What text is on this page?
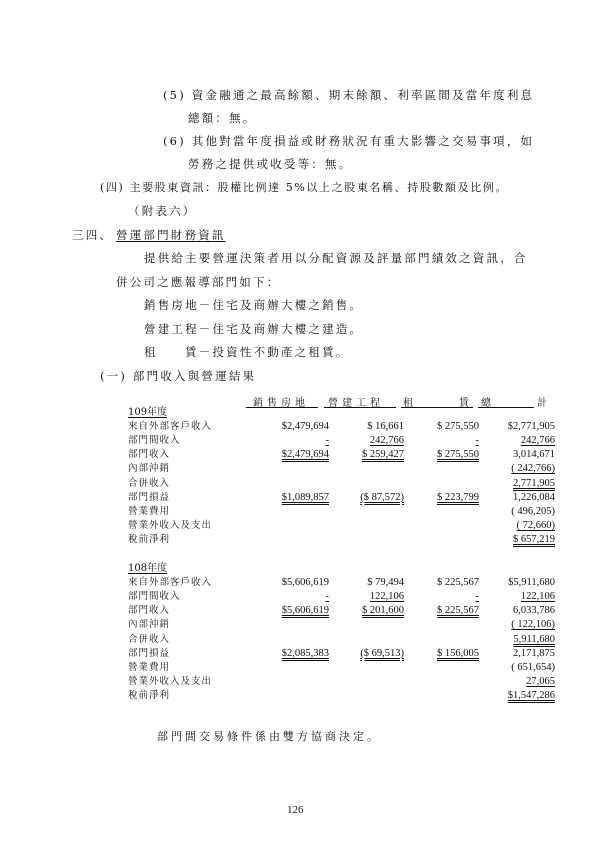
(5) 資金融通之最高餘額、期末餘額、利率區間及當年度利息
總額：無。
(6) 其他對當年度損益或財務狀況有重大影響之交易事項，如
勞務之提供或收受等：無。
(四) 主要股東資訊：股權比例達 5%以上之股東名稱、持股數額及比例。
（附表六）
三四、 營運部門財務資訊
提供給主要營運決策者用以分配資源及評量部門績效之資訊，合
併公司之應報導部門如下：
銷售房地－住宅及商辦大樓之銷售。
營建工程－住宅及商辦大樓之建造。
租 賃－投資性不動產之租賃。
(一) 部門收入與營運結果
銷售房地 營建工程 租　　　賃 總　　　計
109年度				
來自外部客戶收入	$2,479,694	$ 16,661	$ 275,550	$2,771,905
部門間收入	-	242,766	-	242,766
部門收入	$2,479,694	$ 259,427	$ 275,550	3,014,671
內部沖銷				( 242,766)
合併收入				2,771,905
部門損益	$1,089,857	($ 87,572)	$ 223,799	1,226,084
營業費用				( 496,205)
營業外收入及支出				( 72,660)
稅前淨利				$ 657,219
108年度				
來自外部客戶收入	$5,606,619	$ 79,494	$ 225,567	$5,911,680
部門間收入	-	122,106	-	122,106
部門收入	$5,606,619	$ 201,600	$ 225,567	6,033,786
內部沖銷				( 122,106)
合併收入				5,911,680
部門損益	$2,085,383	($ 69,513)	$ 156,005	2,171,875
營業費用				( 651,654)
營業外收入及支出				27,065
稅前淨利				$1,547,286
部門間交易條件係由雙方協商決定。
126
